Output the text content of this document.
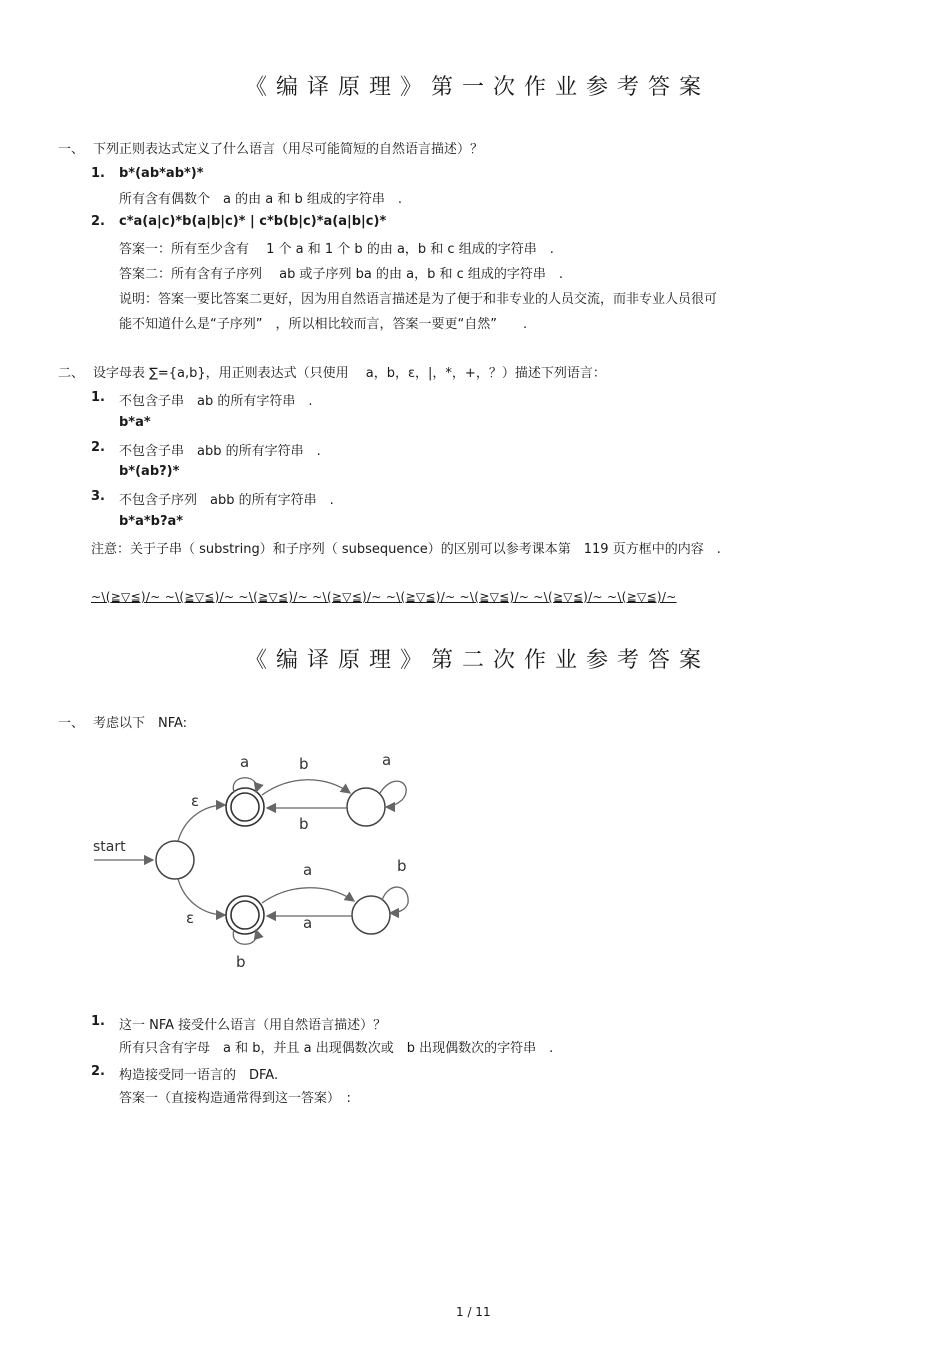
《编译原理》第一次作业参考答案
一、 下列正则表达式定义了什么语言（用尽可能简短的自然语言描述）？
1. b*(ab*ab*)*
所有含有偶数个　a 的由 a 和 b 组成的字符串　.
2. c*a(a|c)*b(a|b|c)* | c*b(b|c)*a(a|b|c)*
答案一：所有至少含有　 1 个 a 和 1 个 b 的由 a，b 和 c 组成的字符串　.
答案二：所有含有子序列　 ab 或子序列 ba 的由 a，b 和 c 组成的字符串　.
说明：答案一要比答案二更好，因为用自然语言描述是为了便于和非专业的人员交流，而非专业人员很可
能不知道什么是“子序列”　，所以相比较而言，答案一要更“自然”　　.
二、 设字母表 ∑={a,b}，用正则表达式（只使用　 a，b，ε，|，*，+，？）描述下列语言：
1. 不包含子串　ab 的所有字符串　.
b*a*
2. 不包含子串　abb 的所有字符串　.
b*(ab?)*
3. 不包含子序列　abb 的所有字符串　.
b*a*b?a*
注意：关于子串（ substring）和子序列（ subsequence）的区别可以参考课本第　119 页方框中的内容　.
~\(≧▽≦)/~ ~\(≧▽≦)/~ ~\(≧▽≦)/~ ~\(≧▽≦)/~ ~\(≧▽≦)/~ ~\(≧▽≦)/~ ~\(≧▽≦)/~ ~\(≧▽≦)/~
《编译原理》第二次作业参考答案
一、 考虑以下　NFA:
start
ε
ε
a	b
b
a
b
a
a
b
1. 这一 NFA 接受什么语言（用自然语言描述）？
所有只含有字母　a 和 b，并且 a 出现偶数次或　b 出现偶数次的字符串　.
2. 构造接受同一语言的　DFA.
答案一（直接构造通常得到这一答案）　:
1 / 11
